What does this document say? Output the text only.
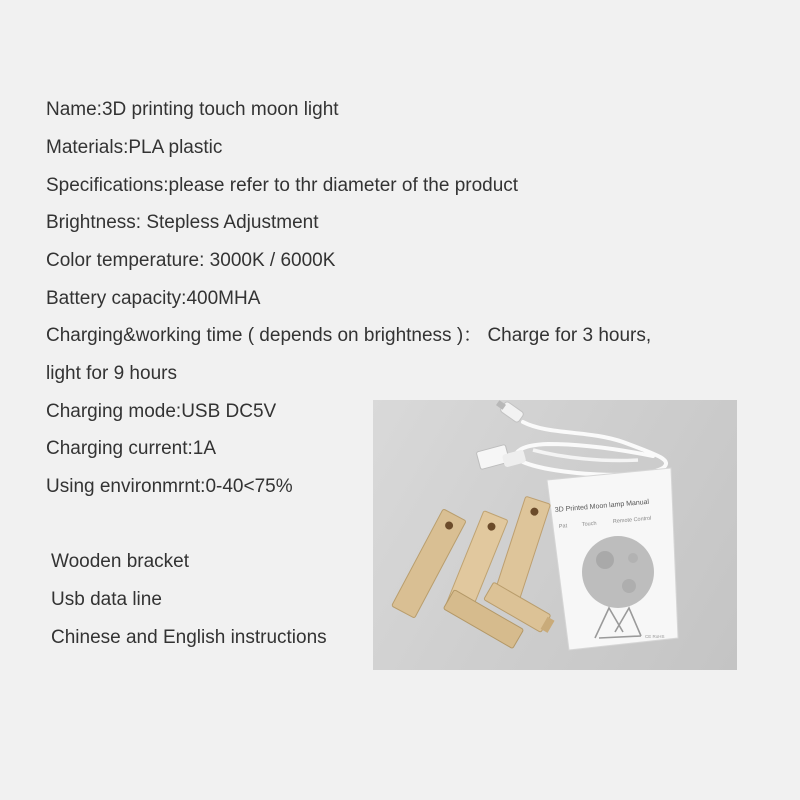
Name:3D printing touch moon light
Materials:PLA plastic
Specifications:please refer to thr diameter of the product
Brightness: Stepless Adjustment
Color temperature: 3000K / 6000K
Battery capacity:400MHA
Charging&working time ( depends on brightness )： Charge for 3 hours,
light for 9 hours
Charging mode:USB DC5V
Charging current:1A
Using environmrnt:0-40<75%
Wooden bracket
Usb data line
Chinese and English instructions
3D Printed Moon lamp Manual
Pat	Touch	Remote Control
CE RoHS
